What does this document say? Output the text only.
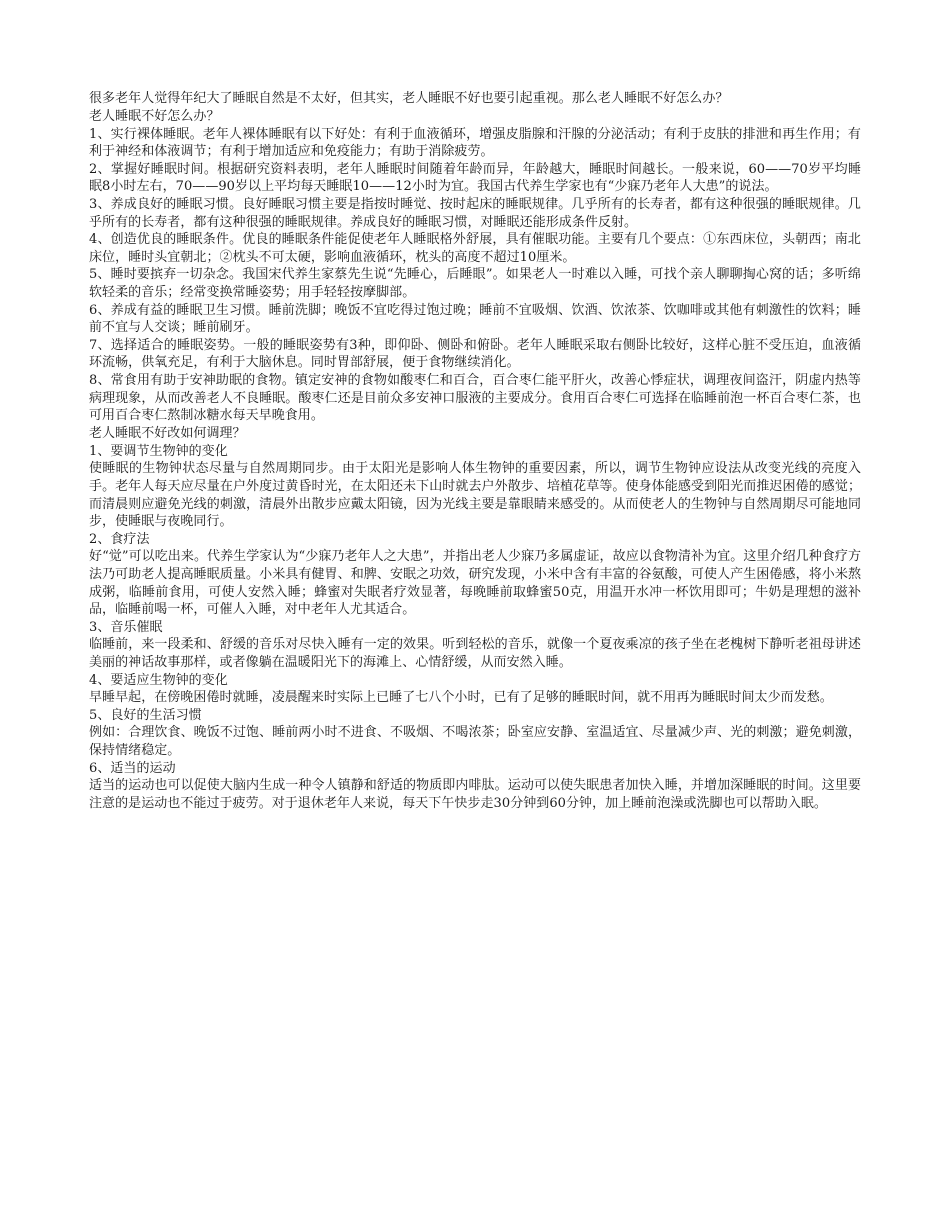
很多老年人觉得年纪大了睡眠自然是不太好，但其实，老人睡眠不好也要引起重视。那么老人睡眠不好怎么办？

老人睡眠不好怎么办？

1、实行裸体睡眠。老年人裸体睡眠有以下好处：有利于血液循环，增强皮脂腺和汗腺的分泌活动；有利于皮肤的排泄和再生作用；有利于神经和体液调节；有利于增加适应和免疫能力；有助于消除疲劳。

2、掌握好睡眠时间。根据研究资料表明，老年人睡眠时间随着年龄而异，年龄越大，睡眠时间越长。一般来说，60——70岁平均睡眠8小时左右，70——90岁以上平均每天睡眠10——12小时为宜。我国古代养生学家也有“少寐乃老年人大患”的说法。

3、养成良好的睡眠习惯。良好睡眠习惯主要是指按时睡觉、按时起床的睡眠规律。几乎所有的长寿者，都有这种很强的睡眠规律。几乎所有的长寿者，都有这种很强的睡眠规律。养成良好的睡眠习惯，对睡眠还能形成条件反射。

4、创造优良的睡眠条件。优良的睡眠条件能促使老年人睡眠格外舒展，具有催眠功能。主要有几个要点：①东西床位，头朝西；南北床位，睡时头宜朝北；②枕头不可太硬，影响血液循环，枕头的高度不超过10厘米。

5、睡时要摈弃一切杂念。我国宋代养生家蔡先生说“先睡心，后睡眼”。如果老人一时难以入睡，可找个亲人聊聊掏心窝的话；多听绵软轻柔的音乐；经常变换常睡姿势；用手轻轻按摩脚部。

6、养成有益的睡眠卫生习惯。睡前洗脚；晚饭不宜吃得过饱过晚；睡前不宜吸烟、饮酒、饮浓茶、饮咖啡或其他有刺激性的饮料；睡前不宜与人交谈；睡前刷牙。

7、选择适合的睡眠姿势。一般的睡眠姿势有3种，即仰卧、侧卧和俯卧。老年人睡眠采取右侧卧比较好，这样心脏不受压迫，血液循环流畅，供氧充足，有利于大脑休息。同时胃部舒展，便于食物继续消化。

8、常食用有助于安神助眠的食物。镇定安神的食物如酸枣仁和百合，百合枣仁能平肝火，改善心悸症状，调理夜间盗汗，阴虚内热等病理现象，从而改善老人不良睡眠。酸枣仁还是目前众多安神口服液的主要成分。食用百合枣仁可选择在临睡前泡一杯百合枣仁茶，也可用百合枣仁熬制冰糖水每天早晚食用。

老人睡眠不好改如何调理？

1、要调节生物钟的变化

使睡眠的生物钟状态尽量与自然周期同步。由于太阳光是影响人体生物钟的重要因素，所以，调节生物钟应设法从改变光线的亮度入手。老年人每天应尽量在户外度过黄昏时光，在太阳还未下山时就去户外散步、培植花草等。使身体能感受到阳光而推迟困倦的感觉；而清晨则应避免光线的刺激，清晨外出散步应戴太阳镜，因为光线主要是靠眼睛来感受的。从而使老人的生物钟与自然周期尽可能地同步，使睡眠与夜晚同行。

2、食疗法

好“觉”可以吃出来。代养生学家认为“少寐乃老年人之大患”，并指出老人少寐乃多属虚证，故应以食物清补为宜。这里介绍几种食疗方法乃可助老人提高睡眠质量。小米具有健胃、和脾、安眠之功效，研究发现，小米中含有丰富的谷氨酸，可使人产生困倦感，将小米熬成粥，临睡前食用，可使人安然入睡；蜂蜜对失眠者疗效显著，每晚睡前取蜂蜜50克，用温开水冲一杯饮用即可；牛奶是理想的滋补品，临睡前喝一杯，可催人入睡，对中老年人尤其适合。

3、音乐催眠

临睡前，来一段柔和、舒缓的音乐对尽快入睡有一定的效果。听到轻松的音乐，就像一个夏夜乘凉的孩子坐在老槐树下静听老祖母讲述美丽的神话故事那样，或者像躺在温暖阳光下的海滩上、心情舒缓，从而安然入睡。

4、要适应生物钟的变化

早睡早起，在傍晚困倦时就睡，凌晨醒来时实际上已睡了七八个小时，已有了足够的睡眠时间，就不用再为睡眠时间太少而发愁。

5、良好的生活习惯

例如：合理饮食、晚饭不过饱、睡前两小时不进食、不吸烟、不喝浓茶；卧室应安静、室温适宜、尽量减少声、光的刺激；避免刺激，保持情绪稳定。

6、适当的运动

适当的运动也可以促使大脑内生成一种令人镇静和舒适的物质即内啡肽。运动可以使失眠患者加快入睡，并增加深睡眠的时间。这里要注意的是运动也不能过于疲劳。对于退休老年人来说，每天下午快步走30分钟到60分钟，加上睡前泡澡或洗脚也可以帮助入眠。
